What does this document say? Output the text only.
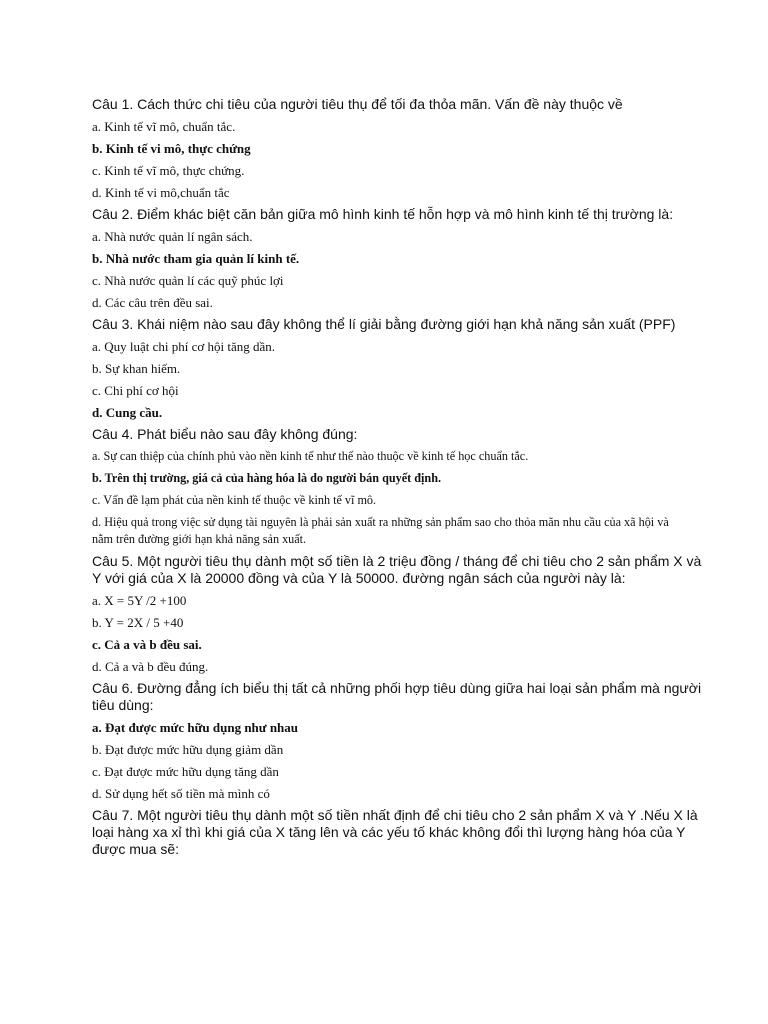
Câu 1. Cách thức chi tiêu của người tiêu thụ để tối đa thỏa mãn. Vấn đề này thuộc về

a. Kinh tế vĩ mô, chuẩn tắc.

b. Kinh tế vi mô, thực chứng

c. Kinh tế vĩ mô, thực chứng.

d. Kinh tế vi mô,chuẩn tắc

Câu 2. Điểm khác biệt căn bản giữa mô hình kinh tế hỗn hợp và mô hình kinh tế thị trường là:

a. Nhà nước quản lí ngân sách.

b. Nhà nước tham gia quản lí kinh tế.

c. Nhà nước quản lí các quỹ phúc lợi

d. Các câu trên đều sai.

Câu 3. Khái niệm nào sau đây không thể lí giải bằng đường giới hạn khả năng sản xuất (PPF)

a. Quy luật chi phí cơ hội tăng dần.

b. Sự khan hiếm.

c. Chi phí cơ hội

d. Cung cầu.

Câu 4. Phát biểu nào sau đây không đúng:

a. Sự can thiệp của chính phủ vào nền kinh tế như thế nào thuộc về kinh tế học chuẩn tắc.

b. Trên thị trường, giá cả của hàng hóa là do người bán quyết định.

c. Vấn đề lạm phát của nền kinh tế thuộc về kinh tế vĩ mô.

d. Hiệu quả trong việc sử dụng tài nguyên là phải sản xuất ra những sản phẩm sao cho thỏa mãn nhu cầu của xã hội và nằm trên đường giới hạn khả năng sản xuất.

Câu 5. Một người tiêu thụ dành một số tiền là 2 triệu đồng / tháng để chi tiêu cho 2 sản phẩm X và Y với giá của X là 20000 đồng và của Y là 50000. đường ngân sách của người này là:

a. X = 5Y /2 +100

b. Y = 2X / 5 +40

c. Cả a và b đều sai.

d. Cả a và b đều đúng.

Câu 6. Đường đẳng ích biểu thị tất cả những phối hợp tiêu dùng giữa hai loại sản phẩm mà người tiêu dùng:

a. Đạt được mức hữu dụng như nhau

b. Đạt được mức hữu dụng giảm dần

c. Đạt được mức hữu dụng tăng dần

d. Sử dụng hết số tiền mà mình có

Câu 7. Một người tiêu thụ dành một số tiền nhất định để chi tiêu cho 2 sản phẩm X và Y .Nếu X là loại hàng xa xỉ thì khi giá của X tăng lên và các yếu tố khác không đổi thì lượng hàng hóa của Y được mua sẽ:
